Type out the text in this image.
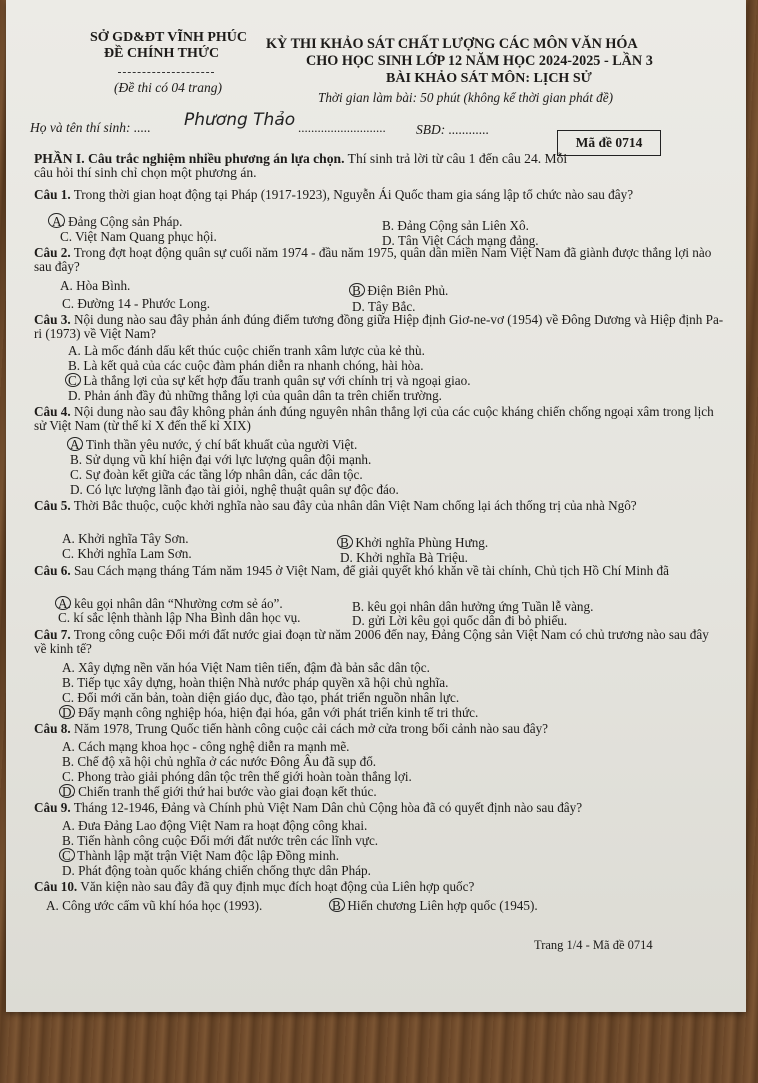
SỞ GD&ĐT VĨNH PHÚC
ĐỀ CHÍNH THỨC
(Đề thi có 04 trang)
KỲ THI KHẢO SÁT CHẤT LƯỢNG CÁC MÔN VĂN HÓA
CHO HỌC SINH LỚP 12 NĂM HỌC 2024-2025 - LẦN 3
BÀI KHẢO SÁT MÔN: LỊCH SỬ
Thời gian làm bài: 50 phút (không kể thời gian phát đề)
Họ và tên thí sinh: ..... Phương Thảo ........................... SBD: ............
Mã đề 0714
PHẦN I. Câu trắc nghiệm nhiều phương án lựa chọn. Thí sinh trả lời từ câu 1 đến câu 24. Mỗi câu hỏi thí sinh chỉ chọn một phương án.
Câu 1. Trong thời gian hoạt động tại Pháp (1917-1923), Nguyễn Ái Quốc tham gia sáng lập tổ chức nào sau đây?
A. Đảng Cộng sản Pháp.	B. Đảng Cộng sản Liên Xô.
C. Việt Nam Quang phục hội.	D. Tân Việt Cách mạng đảng.
Câu 2. Trong đợt hoạt động quân sự cuối năm 1974 - đầu năm 1975, quân dân miền Nam Việt Nam đã giành được thắng lợi nào sau đây?
A. Hòa Bình.	B. Điện Biên Phủ.
C. Đường 14 - Phước Long.	D. Tây Bắc.
Câu 3. Nội dung nào sau đây phản ánh đúng điểm tương đồng giữa Hiệp định Giơ-ne-vơ (1954) về Đông Dương và Hiệp định Pa-ri (1973) về Việt Nam?
A. Là mốc đánh dấu kết thúc cuộc chiến tranh xâm lược của kẻ thù.
B. Là kết quả của các cuộc đàm phán diễn ra nhanh chóng, hài hòa.
C. Là thắng lợi của sự kết hợp đấu tranh quân sự với chính trị và ngoại giao.
D. Phản ánh đầy đủ những thắng lợi của quân dân ta trên chiến trường.
Câu 4. Nội dung nào sau đây không phản ánh đúng nguyên nhân thắng lợi của các cuộc kháng chiến chống ngoại xâm trong lịch sử Việt Nam (từ thế kỉ X đến thế kỉ XIX)
A. Tinh thần yêu nước, ý chí bất khuất của người Việt.
B. Sử dụng vũ khí hiện đại với lực lượng quân đội mạnh.
C. Sự đoàn kết giữa các tầng lớp nhân dân, các dân tộc.
D. Có lực lượng lãnh đạo tài giỏi, nghệ thuật quân sự độc đáo.
Câu 5. Thời Bắc thuộc, cuộc khởi nghĩa nào sau đây của nhân dân Việt Nam chống lại ách thống trị của nhà Ngô?
A. Khởi nghĩa Tây Sơn.	B. Khởi nghĩa Phùng Hưng.
C. Khởi nghĩa Lam Sơn.	D. Khởi nghĩa Bà Triệu.
Câu 6. Sau Cách mạng tháng Tám năm 1945 ở Việt Nam, để giải quyết khó khăn về tài chính, Chủ tịch Hồ Chí Minh đã
A. kêu gọi nhân dân “Nhường cơm sẻ áo”.	B. kêu gọi nhân dân hưởng ứng Tuần lễ vàng.
C. kí sắc lệnh thành lập Nha Bình dân học vụ.	D. gửi Lời kêu gọi quốc dân đi bỏ phiếu.
Câu 7. Trong công cuộc Đổi mới đất nước giai đoạn từ năm 2006 đến nay, Đảng Cộng sản Việt Nam có chủ trương nào sau đây về kinh tế?
A. Xây dựng nền văn hóa Việt Nam tiên tiến, đậm đà bản sắc dân tộc.
B. Tiếp tục xây dựng, hoàn thiện Nhà nước pháp quyền xã hội chủ nghĩa.
C. Đổi mới căn bản, toàn diện giáo dục, đào tạo, phát triển nguồn nhân lực.
D. Đẩy mạnh công nghiệp hóa, hiện đại hóa, gắn với phát triển kinh tế tri thức.
Câu 8. Năm 1978, Trung Quốc tiến hành công cuộc cải cách mở cửa trong bối cảnh nào sau đây?
A. Cách mạng khoa học - công nghệ diễn ra mạnh mẽ.
B. Chế độ xã hội chủ nghĩa ở các nước Đông Âu đã sụp đổ.
C. Phong trào giải phóng dân tộc trên thế giới hoàn toàn thắng lợi.
D. Chiến tranh thế giới thứ hai bước vào giai đoạn kết thúc.
Câu 9. Tháng 12-1946, Đảng và Chính phủ Việt Nam Dân chủ Cộng hòa đã có quyết định nào sau đây?
A. Đưa Đảng Lao động Việt Nam ra hoạt động công khai.
B. Tiến hành công cuộc Đổi mới đất nước trên các lĩnh vực.
C. Thành lập mặt trận Việt Nam độc lập Đồng minh.
D. Phát động toàn quốc kháng chiến chống thực dân Pháp.
Câu 10. Văn kiện nào sau đây đã quy định mục đích hoạt động của Liên hợp quốc?
A. Công ước cấm vũ khí hóa học (1993).	B. Hiến chương Liên hợp quốc (1945).
Trang 1/4 - Mã đề 0714
